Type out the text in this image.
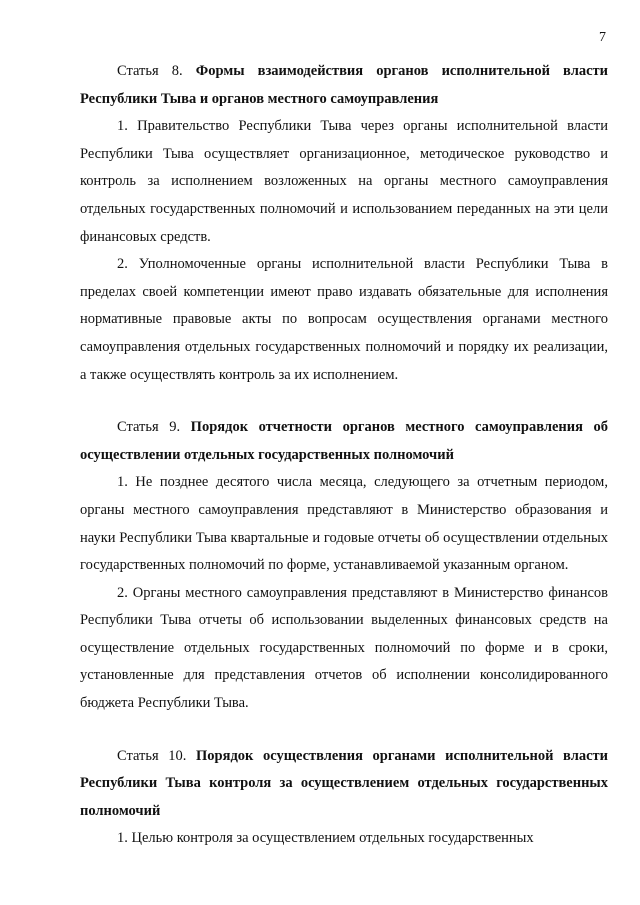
7

Статья 8. Формы взаимодействия органов исполнительной власти Республики Тыва и органов местного самоуправления

1. Правительство Республики Тыва через органы исполнительной власти Республики Тыва осуществляет организационное, методическое руководство и контроль за исполнением возложенных на органы местного самоуправления отдельных государственных полномочий и использованием переданных на эти цели финансовых средств.

2. Уполномоченные органы исполнительной власти Республики Тыва в пределах своей компетенции имеют право издавать обязательные для исполнения нормативные правовые акты по вопросам осуществления органами местного самоуправления отдельных государственных полномочий и порядку их реализации, а также осуществлять контроль за их исполнением.

Статья 9. Порядок отчетности органов местного самоуправления об осуществлении отдельных государственных полномочий

1. Не позднее десятого числа месяца, следующего за отчетным периодом, органы местного самоуправления представляют в Министерство образования и науки Республики Тыва квартальные и годовые отчеты об осуществлении отдельных государственных полномочий по форме, устанавливаемой указанным органом.

2. Органы местного самоуправления представляют в Министерство финансов Республики Тыва отчеты об использовании выделенных финансовых средств на осуществление отдельных государственных полномочий по форме и в сроки, установленные для представления отчетов об исполнении консолидированного бюджета Республики Тыва.

Статья 10. Порядок осуществления органами исполнительной власти Республики Тыва контроля за осуществлением отдельных государственных полномочий

1. Целью контроля за осуществлением отдельных государственных
